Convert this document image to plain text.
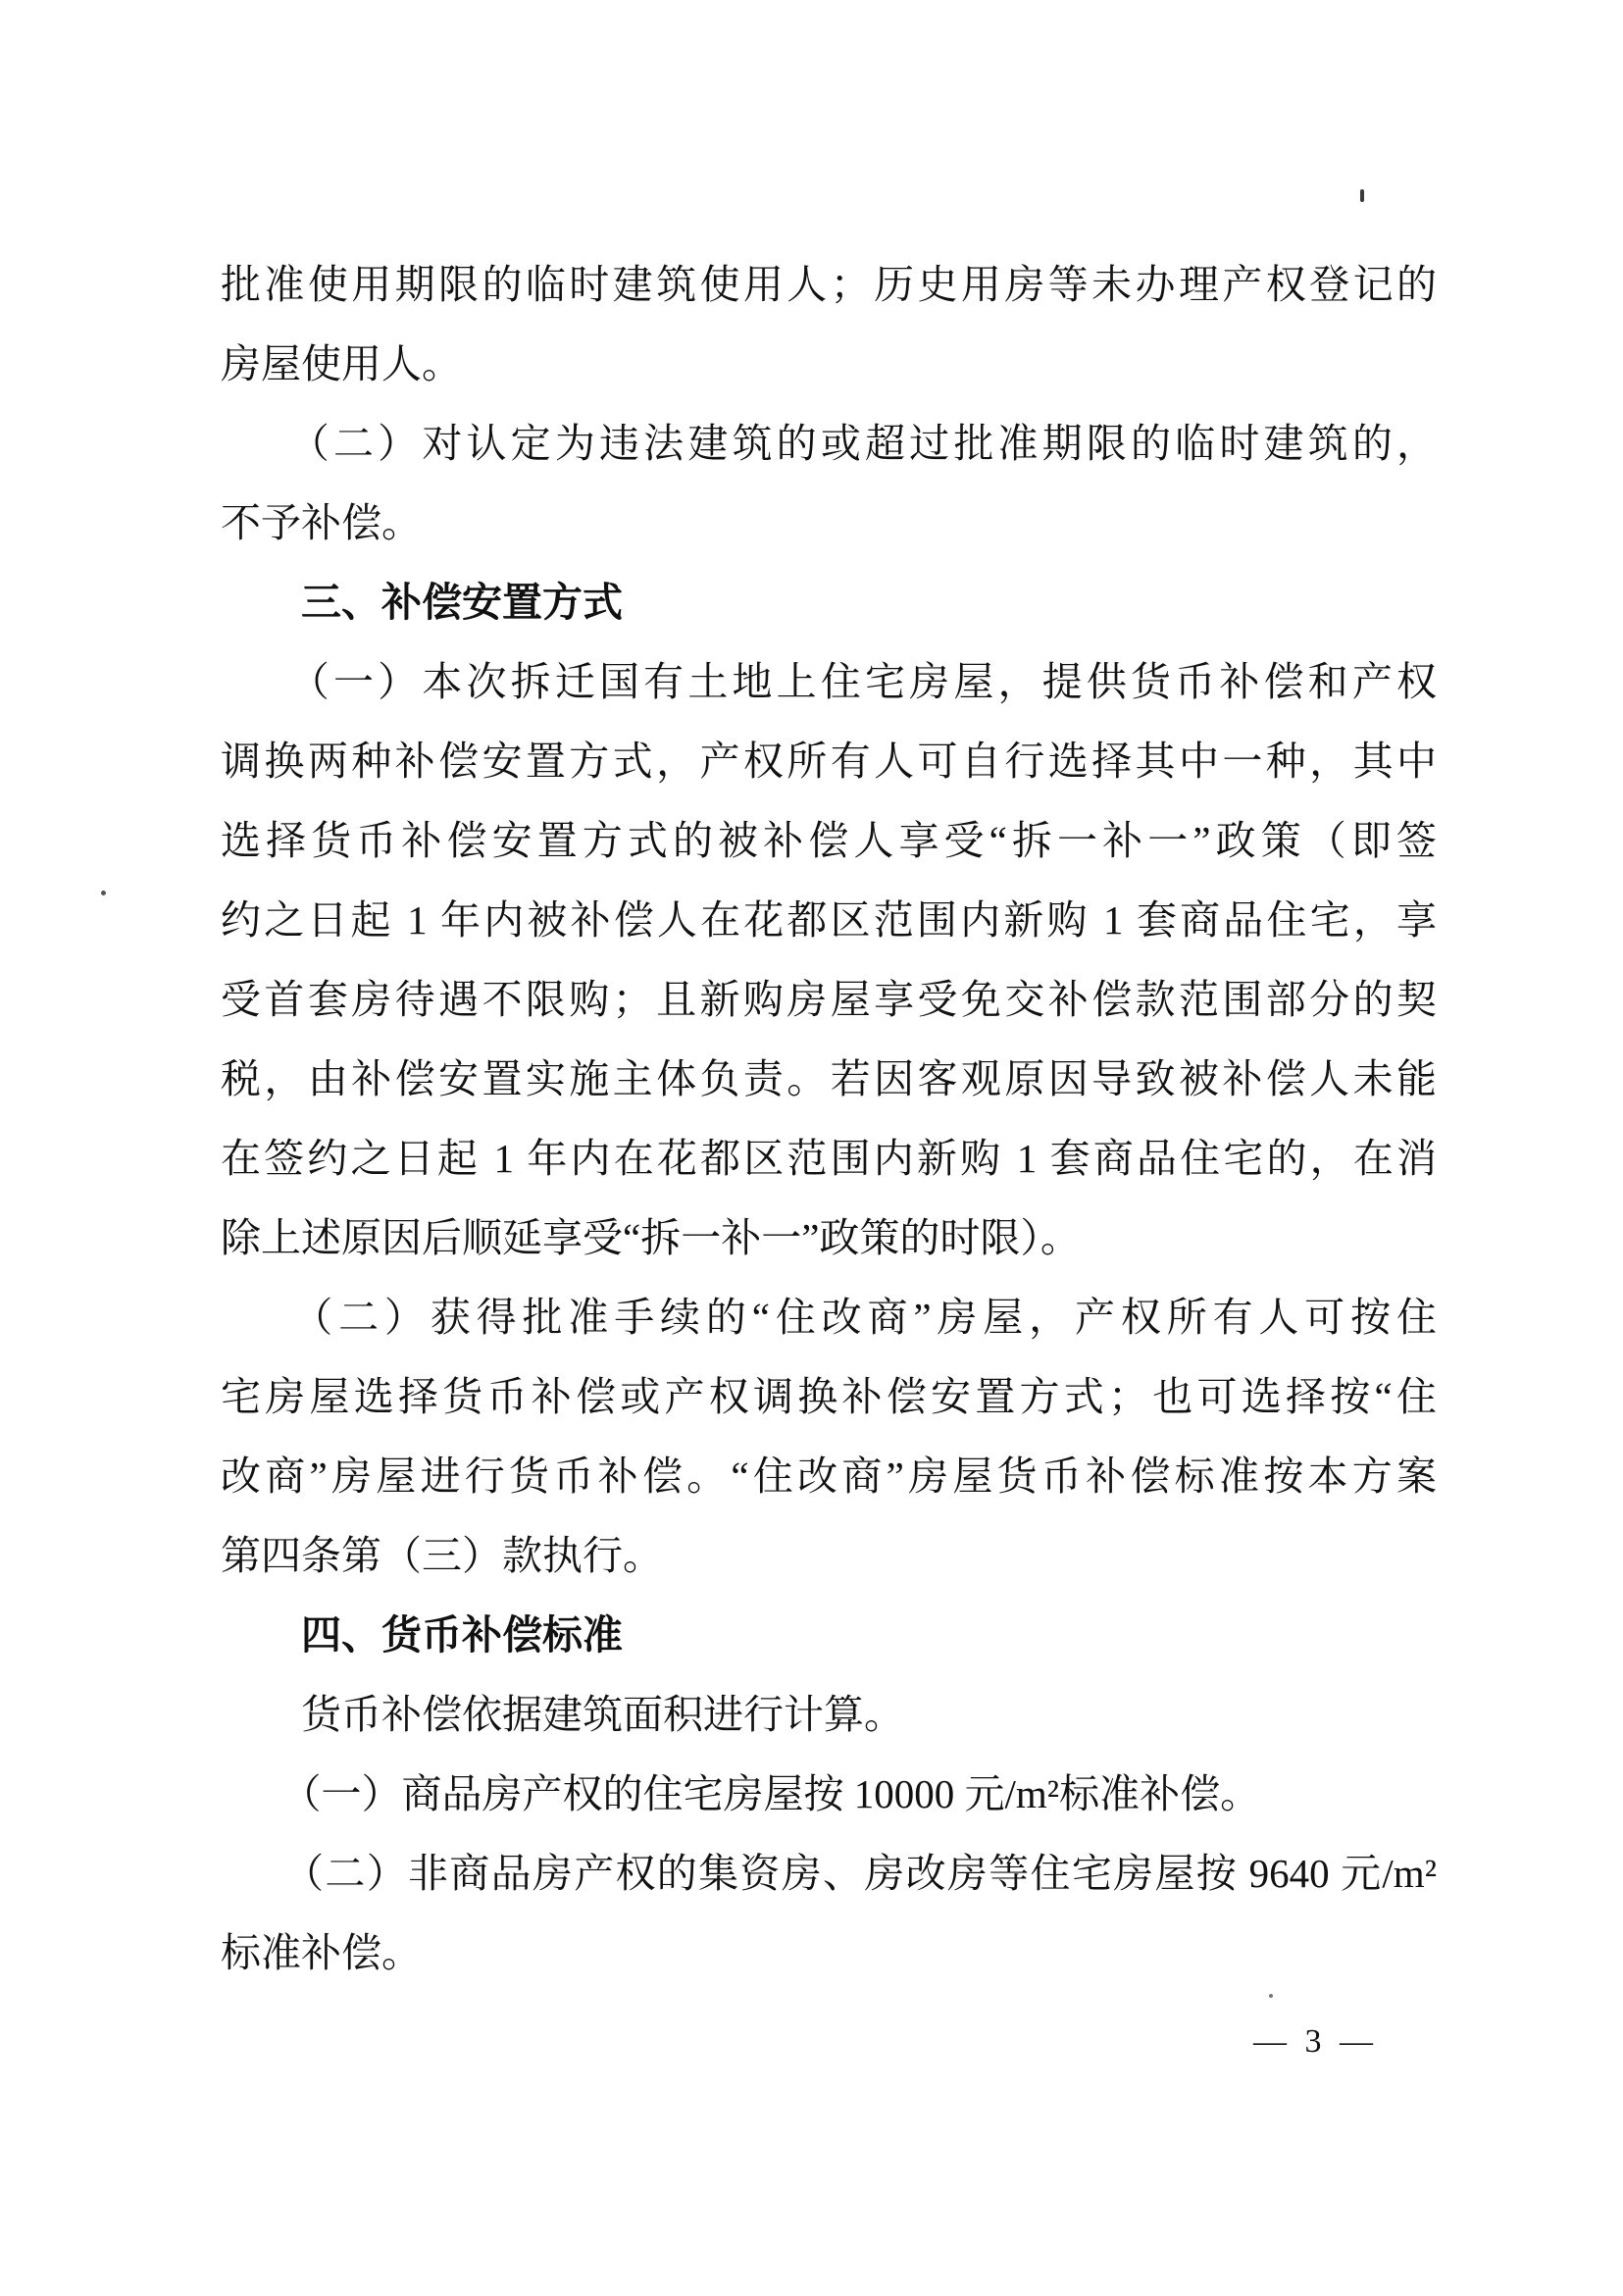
批准使用期限的临时建筑使用人；历史用房等未办理产权登记的
房屋使用人。
　　（二）对认定为违法建筑的或超过批准期限的临时建筑的，
不予补偿。
　　三、补偿安置方式
　　（一）本次拆迁国有土地上住宅房屋，提供货币补偿和产权
调换两种补偿安置方式，产权所有人可自行选择其中一种，其中
选择货币补偿安置方式的被补偿人享受“拆一补一”政策（即签
约之日起 1 年内被补偿人在花都区范围内新购 1 套商品住宅，享
受首套房待遇不限购；且新购房屋享受免交补偿款范围部分的契
税，由补偿安置实施主体负责。若因客观原因导致被补偿人未能
在签约之日起 1 年内在花都区范围内新购 1 套商品住宅的，在消
除上述原因后顺延享受“拆一补一”政策的时限）。
　　（二）获得批准手续的“住改商”房屋，产权所有人可按住
宅房屋选择货币补偿或产权调换补偿安置方式；也可选择按“住
改商”房屋进行货币补偿。“住改商”房屋货币补偿标准按本方案
第四条第（三）款执行。
　　四、货币补偿标准
　　货币补偿依据建筑面积进行计算。
　　（一）商品房产权的住宅房屋按 10000 元/m²标准补偿。
　　（二）非商品房产权的集资房、房改房等住宅房屋按 9640 元/m²
标准补偿。
— 3 —
